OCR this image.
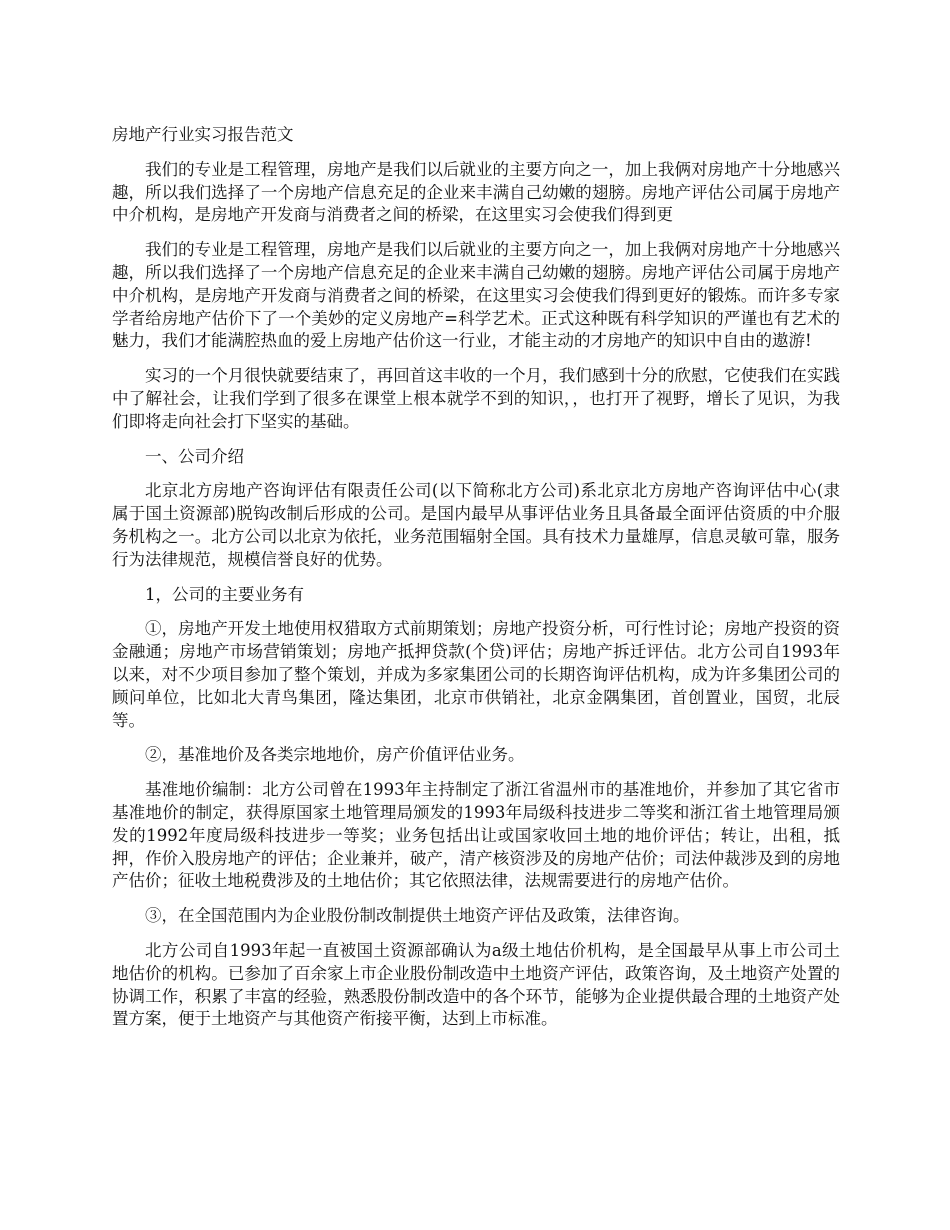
房地产行业实习报告范文

我们的专业是工程管理，房地产是我们以后就业的主要方向之一，加上我俩对房地产十分地感兴趣，所以我们选择了一个房地产信息充足的企业来丰满自己幼嫩的翅膀。房地产评估公司属于房地产中介机构，是房地产开发商与消费者之间的桥梁，在这里实习会使我们得到更

我们的专业是工程管理，房地产是我们以后就业的主要方向之一，加上我俩对房地产十分地感兴趣，所以我们选择了一个房地产信息充足的企业来丰满自己幼嫩的翅膀。房地产评估公司属于房地产中介机构，是房地产开发商与消费者之间的桥梁，在这里实习会使我们得到更好的锻炼。而许多专家学者给房地产估价下了一个美妙的定义房地产=科学艺术。正式这种既有科学知识的严谨也有艺术的魅力，我们才能满腔热血的爱上房地产估价这一行业，才能主动的才房地产的知识中自由的遨游!

实习的一个月很快就要结束了，再回首这丰收的一个月，我们感到十分的欣慰，它使我们在实践中了解社会，让我们学到了很多在课堂上根本就学不到的知识，，也打开了视野，增长了见识，为我们即将走向社会打下坚实的基础。

一、公司介绍

北京北方房地产咨询评估有限责任公司(以下简称北方公司)系北京北方房地产咨询评估中心(隶属于国土资源部)脱钩改制后形成的公司。是国内最早从事评估业务且具备最全面评估资质的中介服务机构之一。北方公司以北京为依托，业务范围辐射全国。具有技术力量雄厚，信息灵敏可靠，服务行为法律规范，规模信誉良好的优势。

1，公司的主要业务有

①，房地产开发土地使用权猎取方式前期策划；房地产投资分析，可行性讨论；房地产投资的资金融通；房地产市场营销策划；房地产抵押贷款(个贷)评估；房地产拆迁评估。北方公司自1993年以来，对不少项目参加了整个策划，并成为多家集团公司的长期咨询评估机构，成为许多集团公司的顾问单位，比如北大青鸟集团，隆达集团，北京市供销社，北京金隅集团，首创置业，国贸，北辰等。

②，基准地价及各类宗地地价，房产价值评估业务。

基准地价编制：北方公司曾在1993年主持制定了浙江省温州市的基准地价，并参加了其它省市基准地价的制定，获得原国家土地管理局颁发的1993年局级科技进步二等奖和浙江省土地管理局颁发的1992年度局级科技进步一等奖；业务包括出让或国家收回土地的地价评估；转让，出租，抵押，作价入股房地产的评估；企业兼并，破产，清产核资涉及的房地产估价；司法仲裁涉及到的房地产估价；征收土地税费涉及的土地估价；其它依照法律，法规需要进行的房地产估价。

③，在全国范围内为企业股份制改制提供土地资产评估及政策，法律咨询。

北方公司自1993年起一直被国土资源部确认为a级土地估价机构，是全国最早从事上市公司土地估价的机构。已参加了百余家上市企业股份制改造中土地资产评估，政策咨询，及土地资产处置的协调工作，积累了丰富的经验，熟悉股份制改造中的各个环节，能够为企业提供最合理的土地资产处置方案，便于土地资产与其他资产衔接平衡，达到上市标准。
